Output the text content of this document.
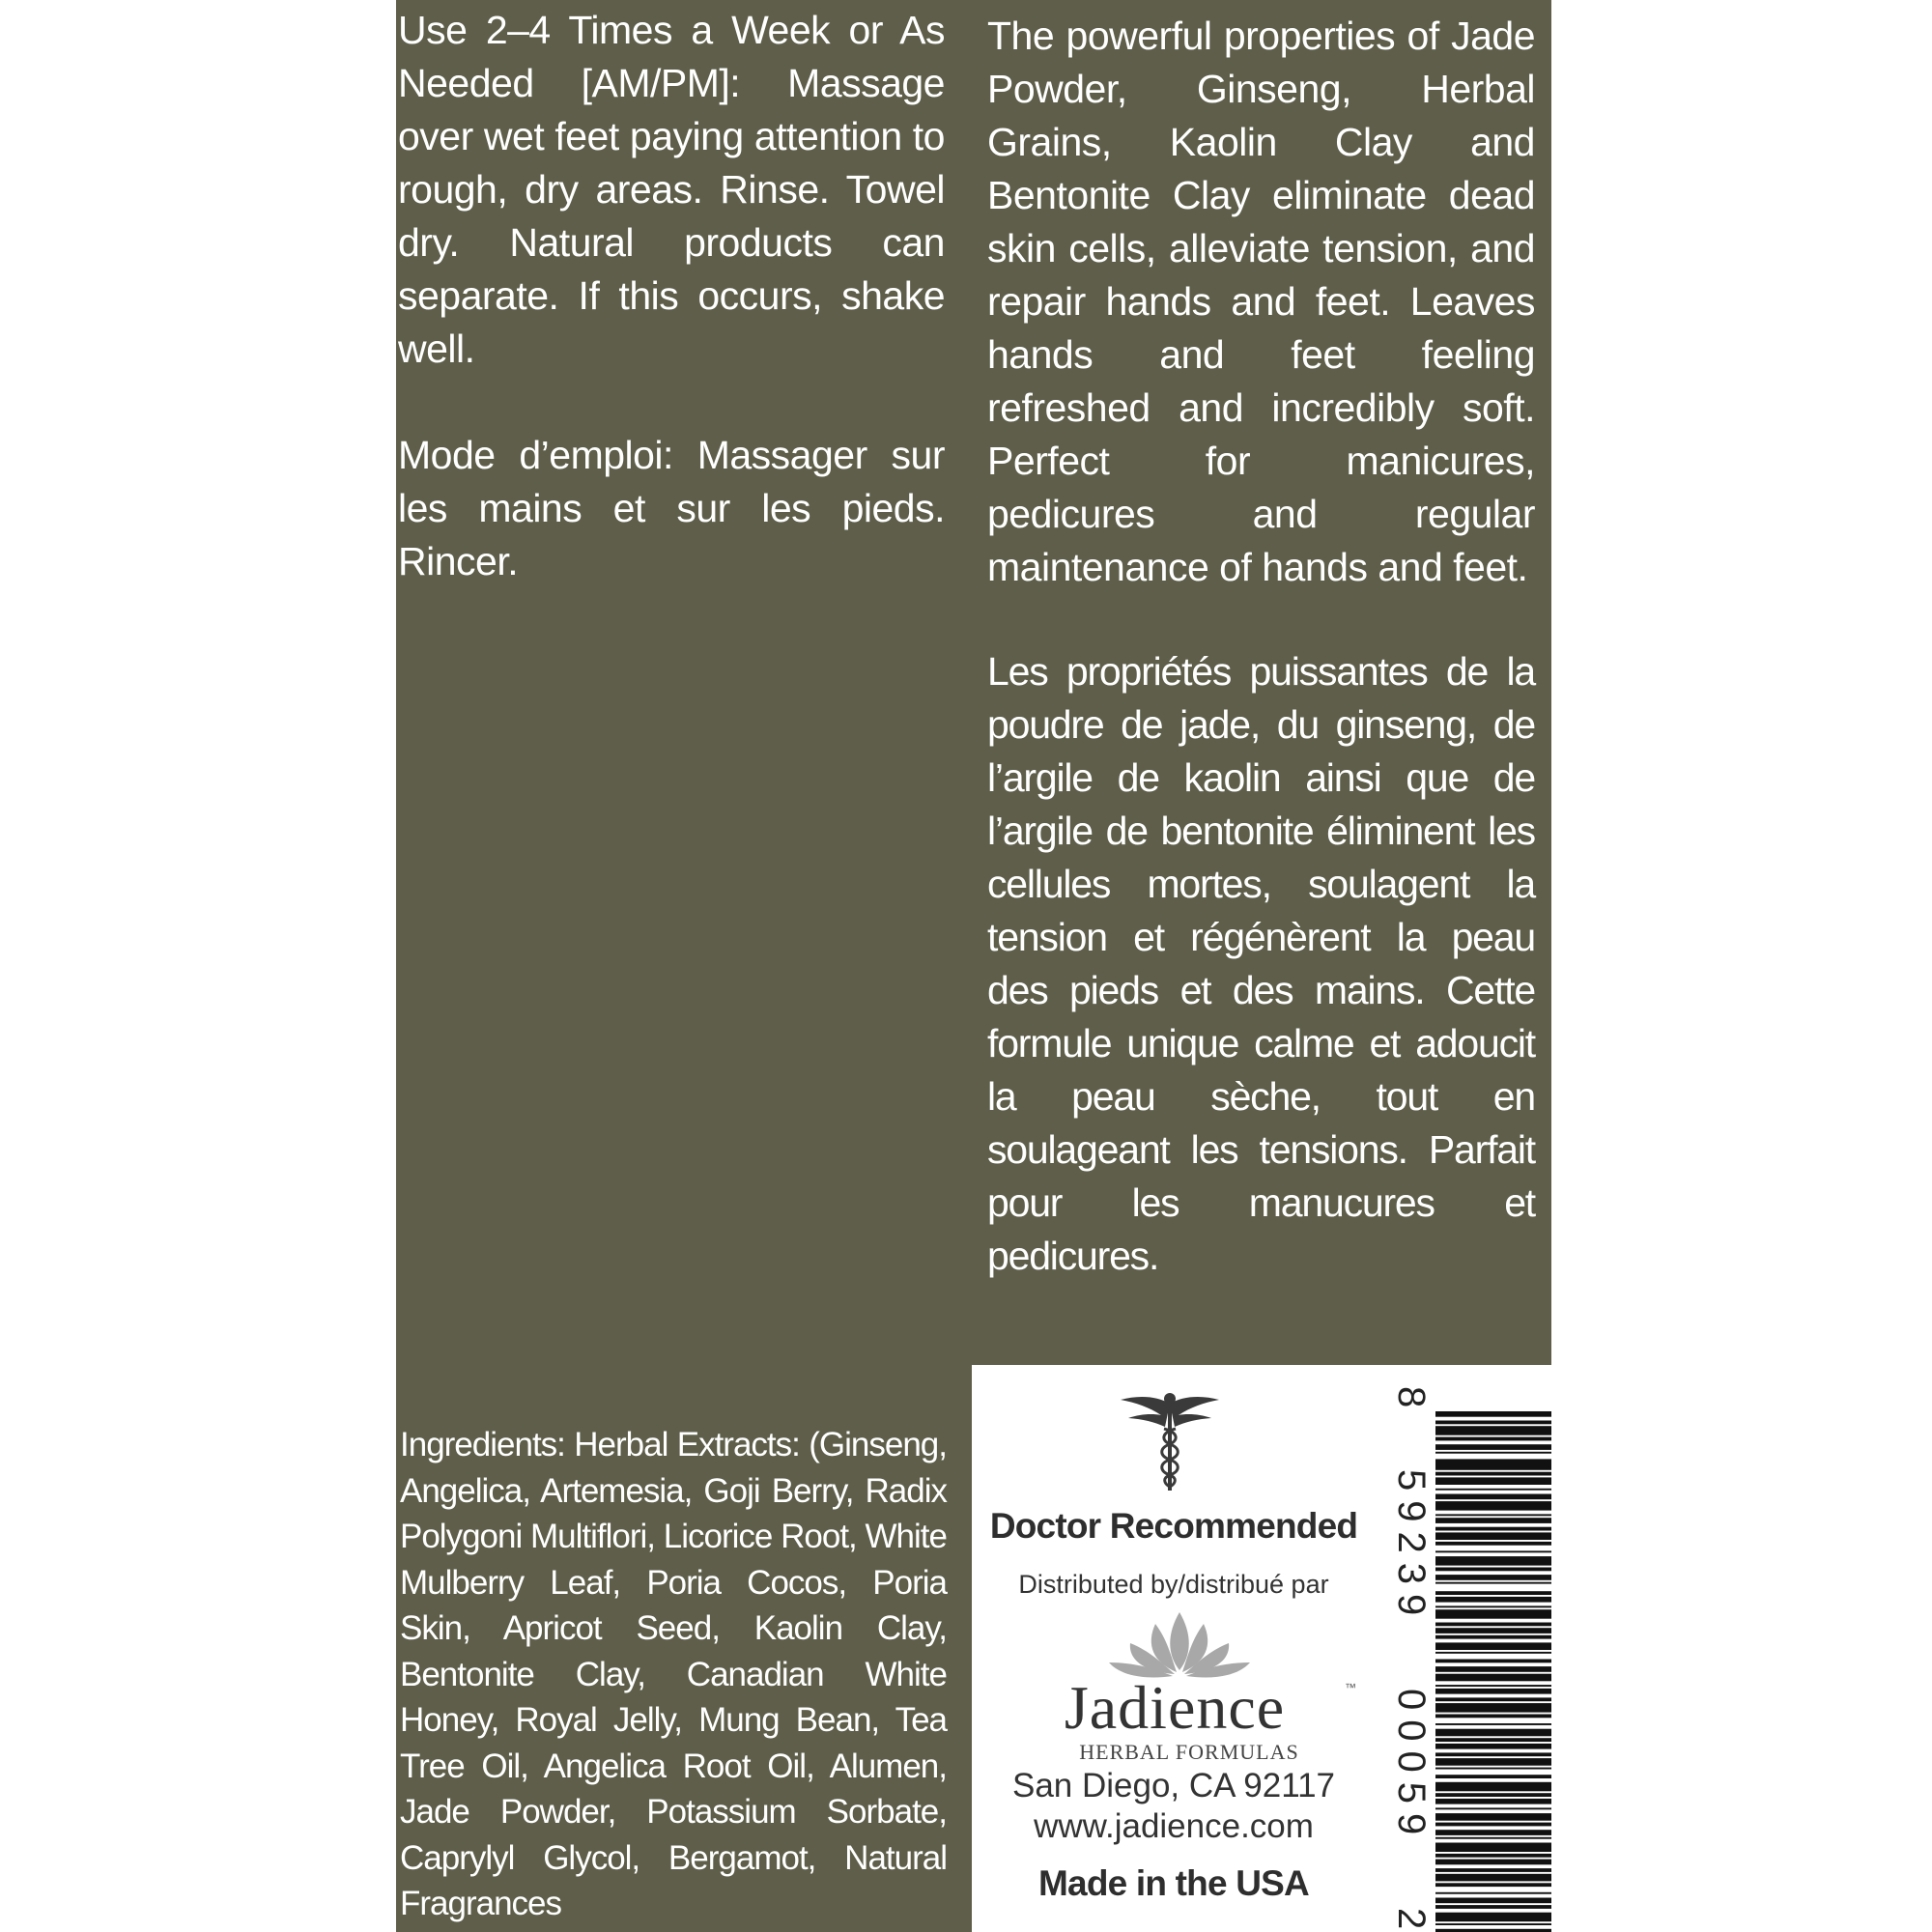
Use 2–4 Times a Week or As Needed [AM/PM]: Massage over wet feet paying attention to rough, dry areas. Rinse. Towel dry. Natural products can separate. If this occurs, shake well.

Mode d’emploi: Massager sur les mains et sur les pieds. Rincer.

The powerful properties of Jade Powder, Ginseng, Herbal Grains, Kaolin Clay and Bentonite Clay eliminate dead skin cells, alleviate tension, and repair hands and feet. Leaves hands and feet feeling refreshed and incredibly soft. Perfect for manicures, pedicures and regular maintenance of hands and feet.

Les propriétés puissantes de la poudre de jade, du ginseng, de l’argile de kaolin ainsi que de l’argile de bentonite éliminent les cellules mortes, soulagent la tension et régénèrent la peau des pieds et des mains. Cette formule unique calme et adoucit la peau sèche, tout en soulageant les tensions. Parfait pour les manucures et pedicures.

Ingredients: Herbal Extracts: (Ginseng, Angelica, Artemesia, Goji Berry, Radix Polygoni Multiflori, Licorice Root, White Mulberry Leaf, Poria Cocos, Poria Skin, Apricot Seed, Kaolin Clay, Bentonite Clay, Canadian White Honey, Royal Jelly, Mung Bean, Tea Tree Oil, Angelica Root Oil, Alumen, Jade Powder, Potassium Sorbate, Caprylyl Glycol, Bergamot, Natural Fragrances

Doctor Recommended

Distributed by/distribué par

Jadience	™
HERBAL FORMULAS

San Diego, CA 92117

www.jadience.com

Made in the USA

8
59239
00059
2
